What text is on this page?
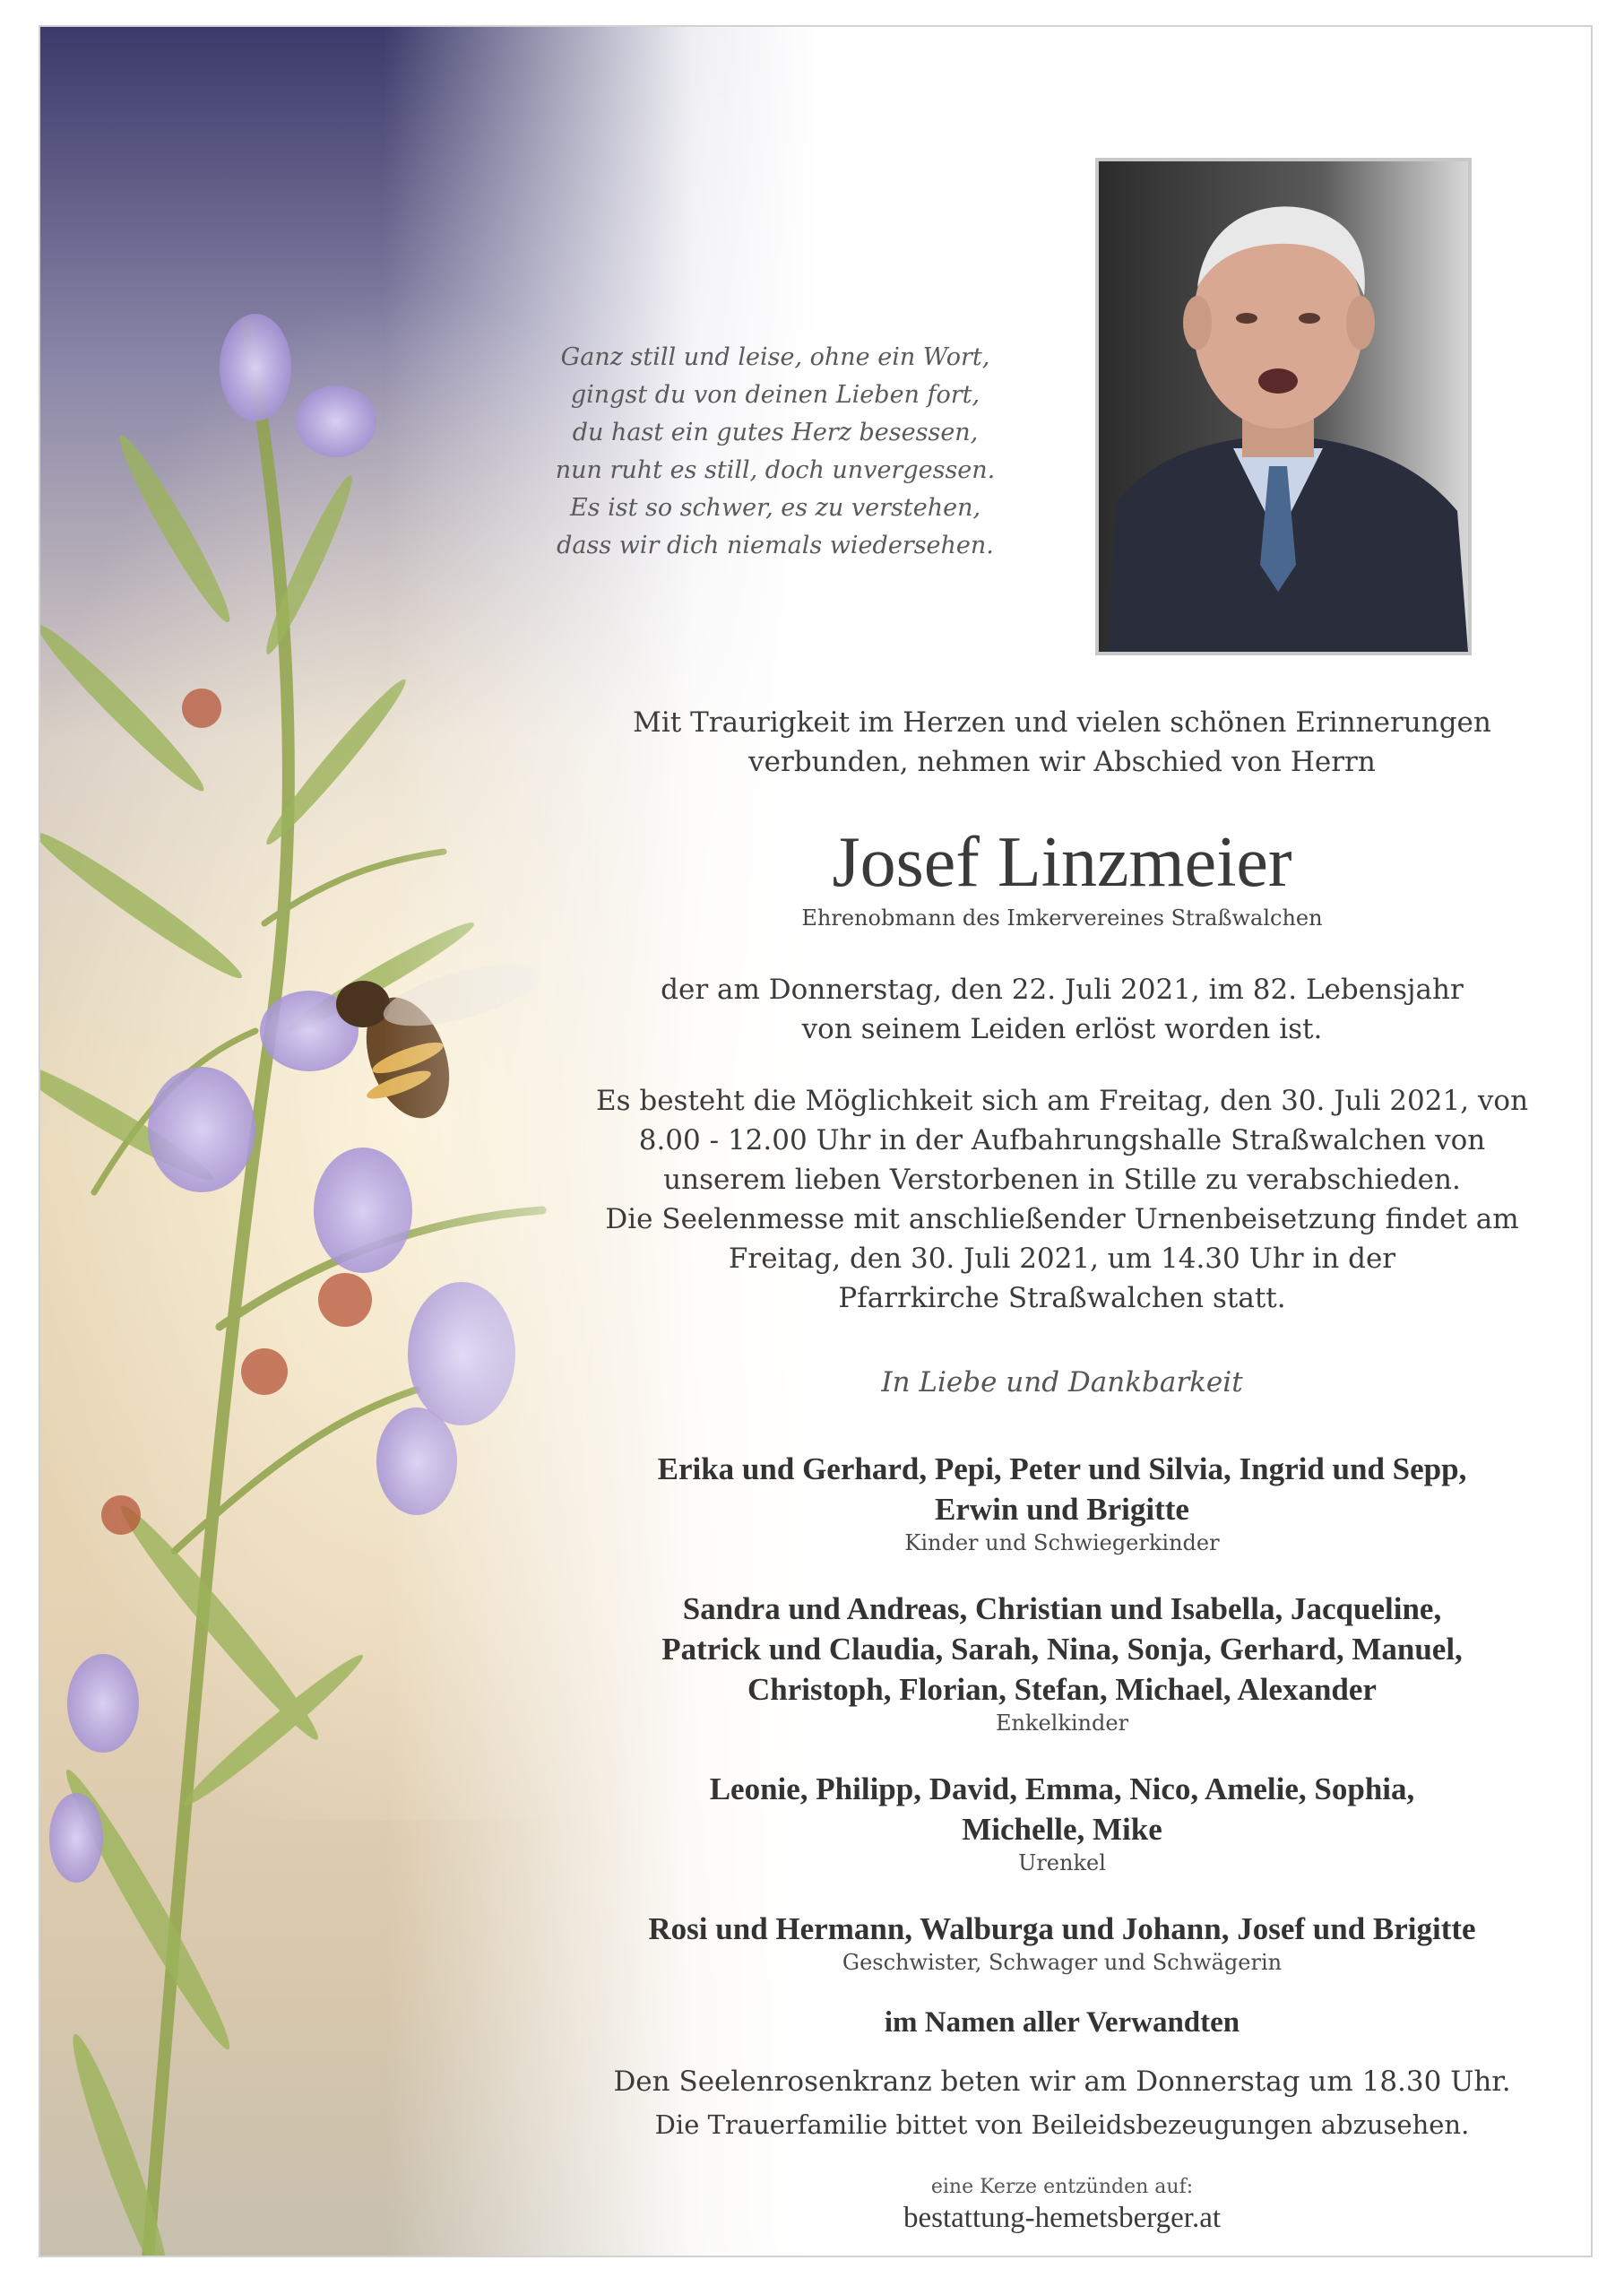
Ganz still und leise, ohne ein Wort,
gingst du von deinen Lieben fort,
du hast ein gutes Herz besessen,
nun ruht es still, doch unvergessen.
Es ist so schwer, es zu verstehen,
dass wir dich niemals wiedersehen.

Mit Traurigkeit im Herzen und vielen schönen Erinnerungen
verbunden, nehmen wir Abschied von Herrn

Josef Linzmeier
Ehrenobmann des Imkervereines Straßwalchen

der am Donnerstag, den 22. Juli 2021, im 82. Lebensjahr
von seinem Leiden erlöst worden ist.

Es besteht die Möglichkeit sich am Freitag, den 30. Juli 2021, von
8.00 - 12.00 Uhr in der Aufbahrungshalle Straßwalchen von
unserem lieben Verstorbenen in Stille zu verabschieden.
Die Seelenmesse mit anschließender Urnenbeisetzung findet am
Freitag, den 30. Juli 2021, um 14.30 Uhr in der
Pfarrkirche Straßwalchen statt.

In Liebe und Dankbarkeit
Erika und Gerhard, Pepi, Peter und Silvia, Ingrid und Sepp,
Erwin und Brigitte
Kinder und Schwiegerkinder
Sandra und Andreas, Christian und Isabella, Jacqueline,
Patrick und Claudia, Sarah, Nina, Sonja, Gerhard, Manuel,
Christoph, Florian, Stefan, Michael, Alexander
Enkelkinder
Leonie, Philipp, David, Emma, Nico, Amelie, Sophia,
Michelle, Mike
Urenkel
Rosi und Hermann, Walburga und Johann, Josef und Brigitte
Geschwister, Schwager und Schwägerin
im Namen aller Verwandten
Den Seelenrosenkranz beten wir am Donnerstag um 18.30 Uhr.
Die Trauerfamilie bittet von Beileidsbezeugungen abzusehen.
eine Kerze entzünden auf:
bestattung-hemetsberger.at
